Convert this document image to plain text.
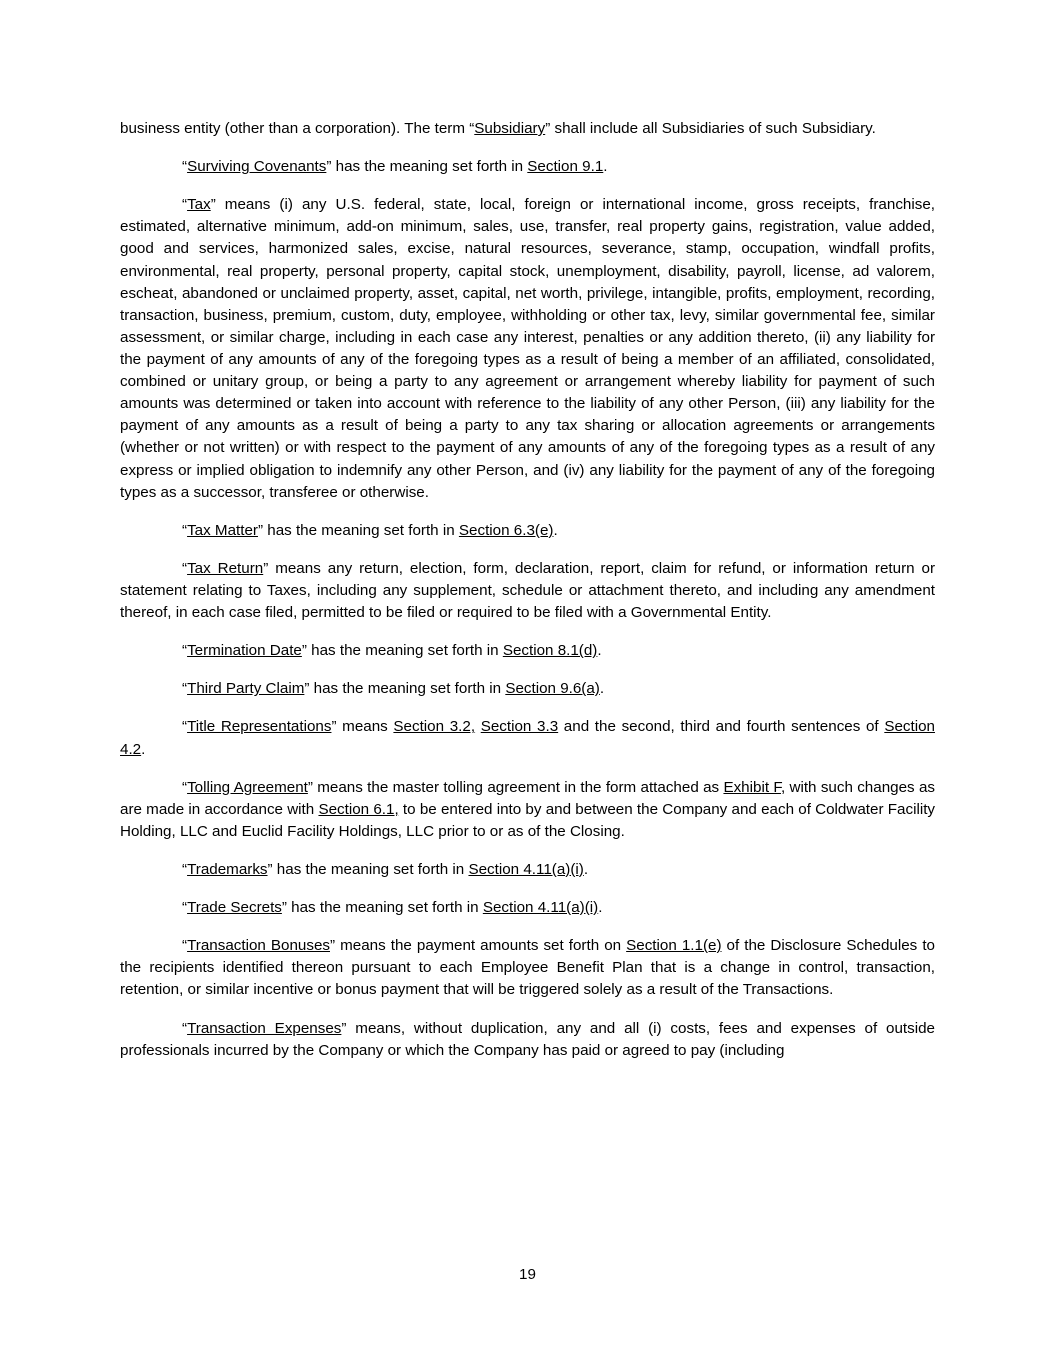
business entity (other than a corporation). The term “Subsidiary” shall include all Subsidiaries of such Subsidiary.

“Surviving Covenants” has the meaning set forth in Section 9.1.

“Tax” means (i) any U.S. federal, state, local, foreign or international income, gross receipts, franchise, estimated, alternative minimum, add-on minimum, sales, use, transfer, real property gains, registration, value added, good and services, harmonized sales, excise, natural resources, severance, stamp, occupation, windfall profits, environmental, real property, personal property, capital stock, unemployment, disability, payroll, license, ad valorem, escheat, abandoned or unclaimed property, asset, capital, net worth, privilege, intangible, profits, employment, recording, transaction, business, premium, custom, duty, employee, withholding or other tax, levy, similar governmental fee, similar assessment, or similar charge, including in each case any interest, penalties or any addition thereto, (ii) any liability for the payment of any amounts of any of the foregoing types as a result of being a member of an affiliated, consolidated, combined or unitary group, or being a party to any agreement or arrangement whereby liability for payment of such amounts was determined or taken into account with reference to the liability of any other Person, (iii) any liability for the payment of any amounts as a result of being a party to any tax sharing or allocation agreements or arrangements (whether or not written) or with respect to the payment of any amounts of any of the foregoing types as a result of any express or implied obligation to indemnify any other Person, and (iv) any liability for the payment of any of the foregoing types as a successor, transferee or otherwise.

“Tax Matter” has the meaning set forth in Section 6.3(e).

“Tax Return” means any return, election, form, declaration, report, claim for refund, or information return or statement relating to Taxes, including any supplement, schedule or attachment thereto, and including any amendment thereof, in each case filed, permitted to be filed or required to be filed with a Governmental Entity.

“Termination Date” has the meaning set forth in Section 8.1(d).

“Third Party Claim” has the meaning set forth in Section 9.6(a).

“Title Representations” means Section 3.2, Section 3.3 and the second, third and fourth sentences of Section 4.2.

“Tolling Agreement” means the master tolling agreement in the form attached as Exhibit F, with such changes as are made in accordance with Section 6.1, to be entered into by and between the Company and each of Coldwater Facility Holding, LLC and Euclid Facility Holdings, LLC prior to or as of the Closing.

“Trademarks” has the meaning set forth in Section 4.11(a)(i).

“Trade Secrets” has the meaning set forth in Section 4.11(a)(i).

“Transaction Bonuses” means the payment amounts set forth on Section 1.1(e) of the Disclosure Schedules to the recipients identified thereon pursuant to each Employee Benefit Plan that is a change in control, transaction, retention, or similar incentive or bonus payment that will be triggered solely as a result of the Transactions.

“Transaction Expenses” means, without duplication, any and all (i) costs, fees and expenses of outside professionals incurred by the Company or which the Company has paid or agreed to pay (including

19
